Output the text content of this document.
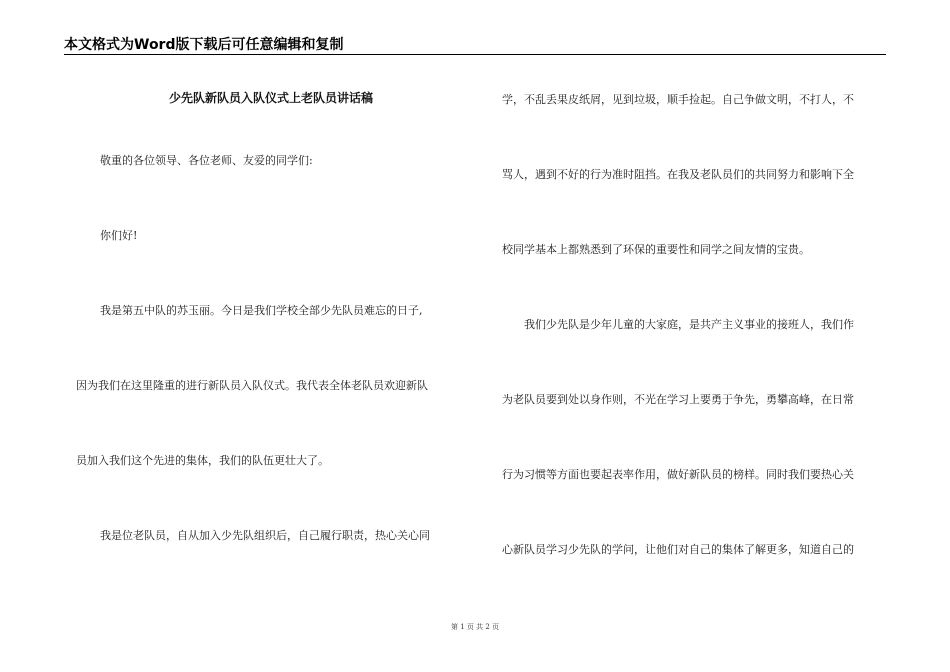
本文格式为Word版下载后可任意编辑和复制
少先队新队员入队仪式上老队员讲话稿
敬重的各位领导、各位老师、友爱的同学们:
你们好!
我是第五中队的苏玉丽。今日是我们学校全部少先队员难忘的日子,
因为我们在这里隆重的进行新队员入队仪式。我代表全体老队员欢迎新队
员加入我们这个先进的集体，我们的队伍更壮大了。
我是位老队员，自从加入少先队组织后，自己履行职责，热心关心同
学，不乱丢果皮纸屑，见到垃圾，顺手捡起。自己争做文明，不打人，不
骂人，遇到不好的行为准时阻挡。在我及老队员们的共同努力和影响下全
校同学基本上都熟悉到了环保的重要性和同学之间友情的宝贵。
我们少先队是少年儿童的大家庭，是共产主义事业的接班人，我们作
为老队员要到处以身作则，不光在学习上要勇于争先，勇攀高峰，在日常
行为习惯等方面也要起表率作用，做好新队员的榜样。同时我们要热心关
心新队员学习少先队的学问，让他们对自己的集体了解更多，知道自己的
第 1 页 共 2 页
